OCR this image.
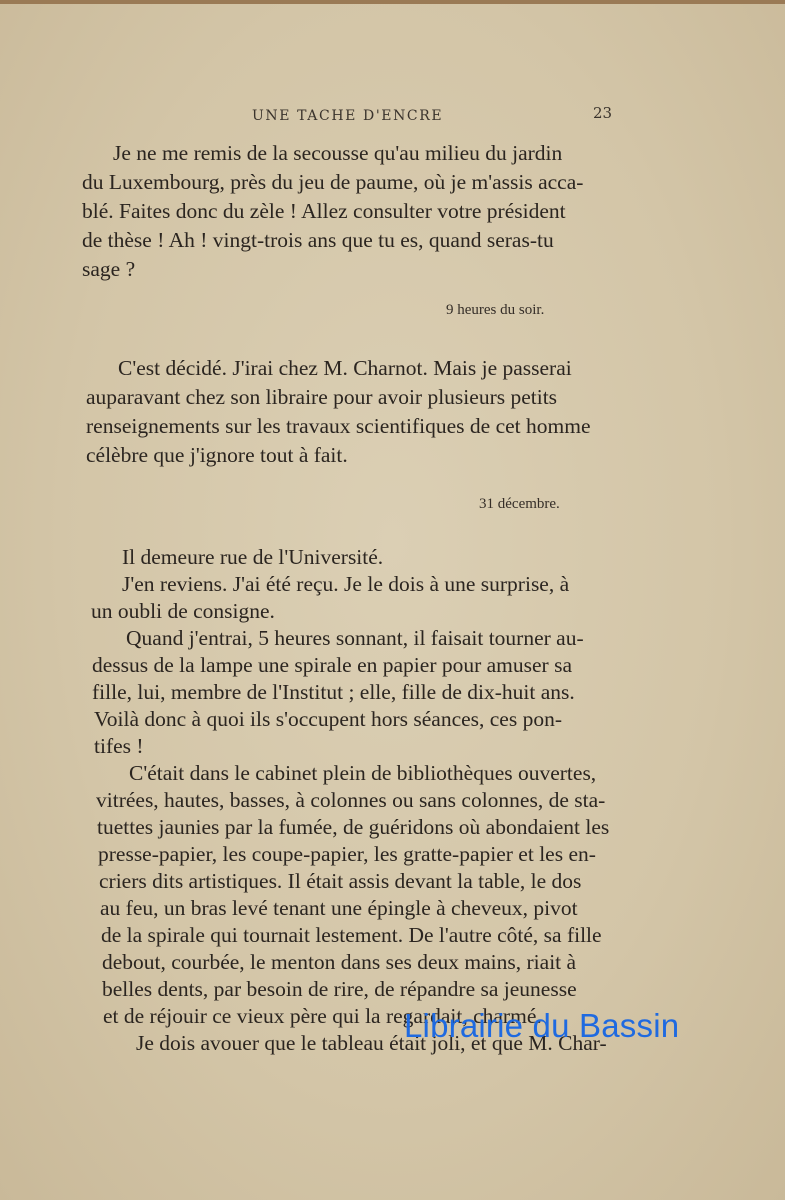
UNE TACHE D'ENCRE	23
Je ne me remis de la secousse qu'au milieu du jardin
du Luxembourg, près du jeu de paume, où je m'assis acca-
blé. Faites donc du zèle ! Allez consulter votre président
de thèse ! Ah ! vingt-trois ans que tu es, quand seras-tu
sage ?
9 heures du soir.
C'est décidé. J'irai chez M. Charnot. Mais je passerai
auparavant chez son libraire pour avoir plusieurs petits
renseignements sur les travaux scientifiques de cet homme
célèbre que j'ignore tout à fait.
31 décembre.
Il demeure rue de l'Université.
J'en reviens. J'ai été reçu. Je le dois à une surprise, à
un oubli de consigne.
Quand j'entrai, 5 heures sonnant, il faisait tourner au-
dessus de la lampe une spirale en papier pour amuser sa
fille, lui, membre de l'Institut ; elle, fille de dix-huit ans.
Voilà donc à quoi ils s'occupent hors séances, ces pon-
tifes !
C'était dans le cabinet plein de bibliothèques ouvertes,
vitrées, hautes, basses, à colonnes ou sans colonnes, de sta-
tuettes jaunies par la fumée, de guéridons où abondaient les
presse-papier, les coupe-papier, les gratte-papier et les en-
criers dits artistiques. Il était assis devant la table, le dos
au feu, un bras levé tenant une épingle à cheveux, pivot
de la spirale qui tournait lestement. De l'autre côté, sa fille
debout, courbée, le menton dans ses deux mains, riait à
belles dents, par besoin de rire, de répandre sa jeunesse
et de réjouir ce vieux père qui la regardait, charmé.
Je dois avouer que le tableau était joli, et que M. Char-
Librairie du Bassin
